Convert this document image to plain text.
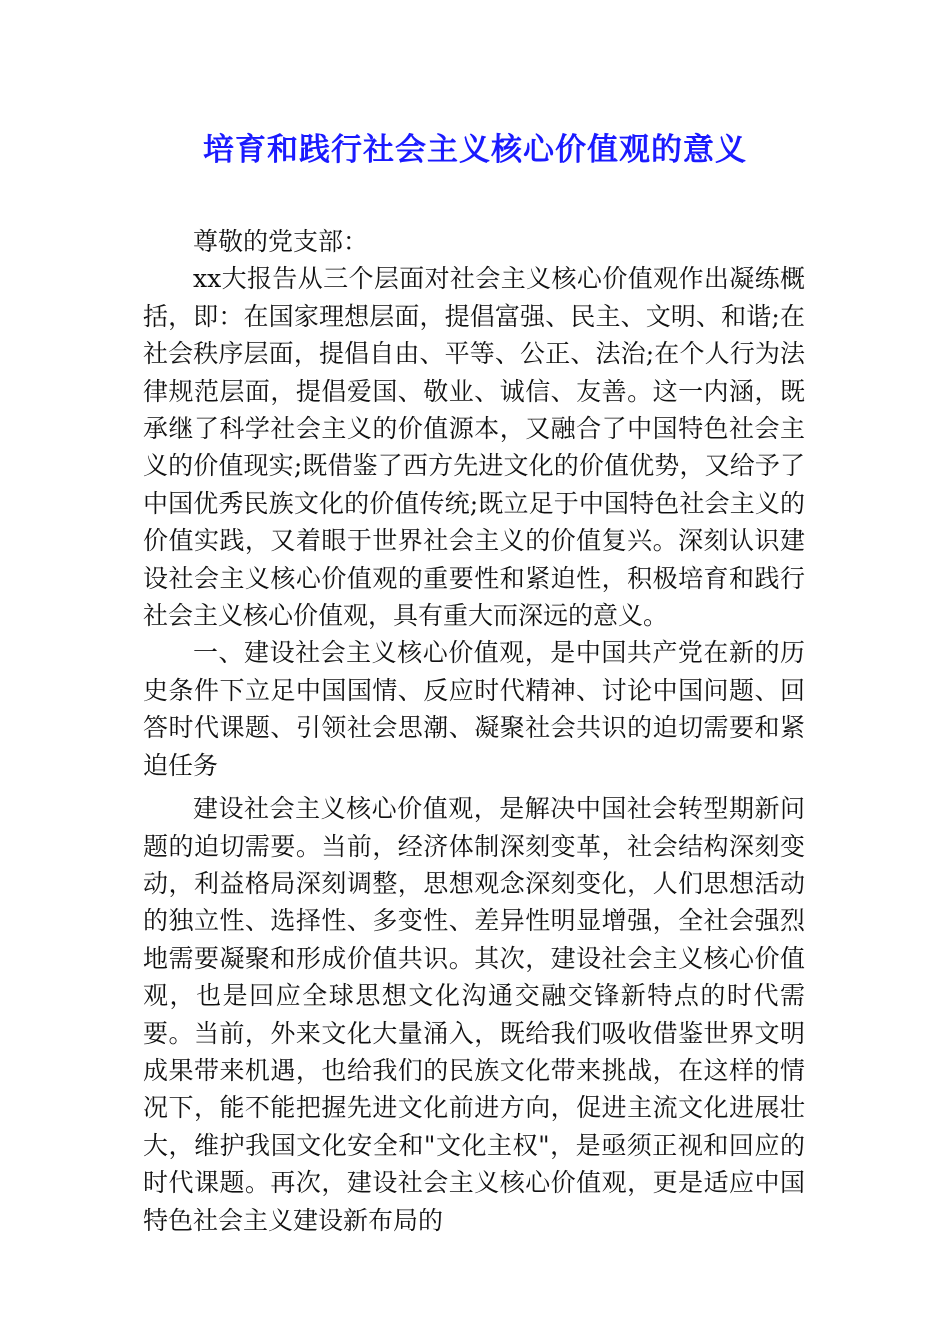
培育和践行社会主义核心价值观的意义

尊敬的党支部：

xx大报告从三个层面对社会主义核心价值观作出凝练概括，即：在国家理想层面，提倡富强、民主、文明、和谐;在社会秩序层面，提倡自由、平等、公正、法治;在个人行为法律规范层面，提倡爱国、敬业、诚信、友善。这一内涵，既承继了科学社会主义的价值源本，又融合了中国特色社会主义的价值现实;既借鉴了西方先进文化的价值优势，又给予了中国优秀民族文化的价值传统;既立足于中国特色社会主义的价值实践，又着眼于世界社会主义的价值复兴。深刻认识建设社会主义核心价值观的重要性和紧迫性，积极培育和践行社会主义核心价值观，具有重大而深远的意义。

一、建设社会主义核心价值观，是中国共产党在新的历史条件下立足中国国情、反应时代精神、讨论中国问题、回答时代课题、引领社会思潮、凝聚社会共识的迫切需要和紧迫任务

建设社会主义核心价值观，是解决中国社会转型期新问题的迫切需要。当前，经济体制深刻变革，社会结构深刻变动，利益格局深刻调整，思想观念深刻变化，人们思想活动的独立性、选择性、多变性、差异性明显增强，全社会强烈地需要凝聚和形成价值共识。其次，建设社会主义核心价值观，也是回应全球思想文化沟通交融交锋新特点的时代需要。当前，外来文化大量涌入，既给我们吸收借鉴世界文明成果带来机遇，也给我们的民族文化带来挑战，在这样的情况下，能不能把握先进文化前进方向，促进主流文化进展壮大，维护我国文化安全和"文化主权"，是亟须正视和回应的时代课题。再次，建设社会主义核心价值观，更是适应中国特色社会主义建设新布局的
